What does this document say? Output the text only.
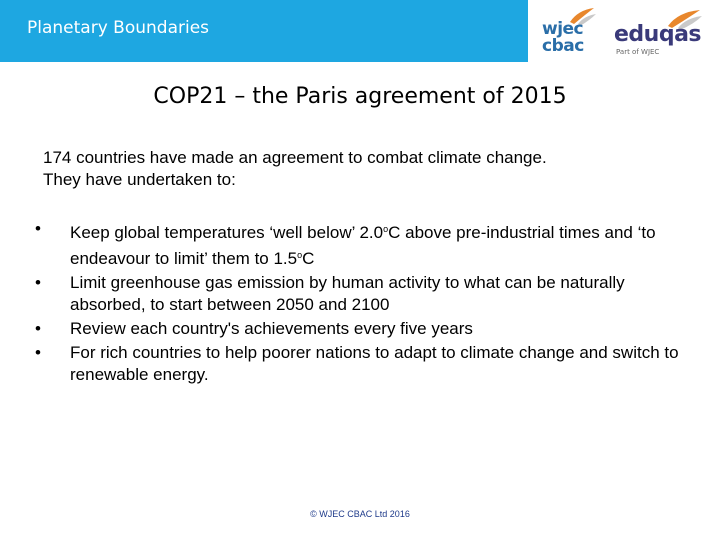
Planetary Boundaries	wjec
cbac eduqas
Part of WJEC
COP21 – the Paris agreement of 2015

174 countries have made an agreement to combat climate change.

They have undertaken to:

•	Keep global temperatures ‘well below’ 2.0$^o$C above pre-industrial times and ‘to endeavour to limit’ them to 1.5$^o$C
•	Limit greenhouse gas emission by human activity to what can be naturally absorbed, to start between 2050 and 2100
•	Review each country's achievements every five years
•	For rich countries to help poorer nations to adapt to climate change and switch to renewable energy.
© WJEC CBAC Ltd 2016
